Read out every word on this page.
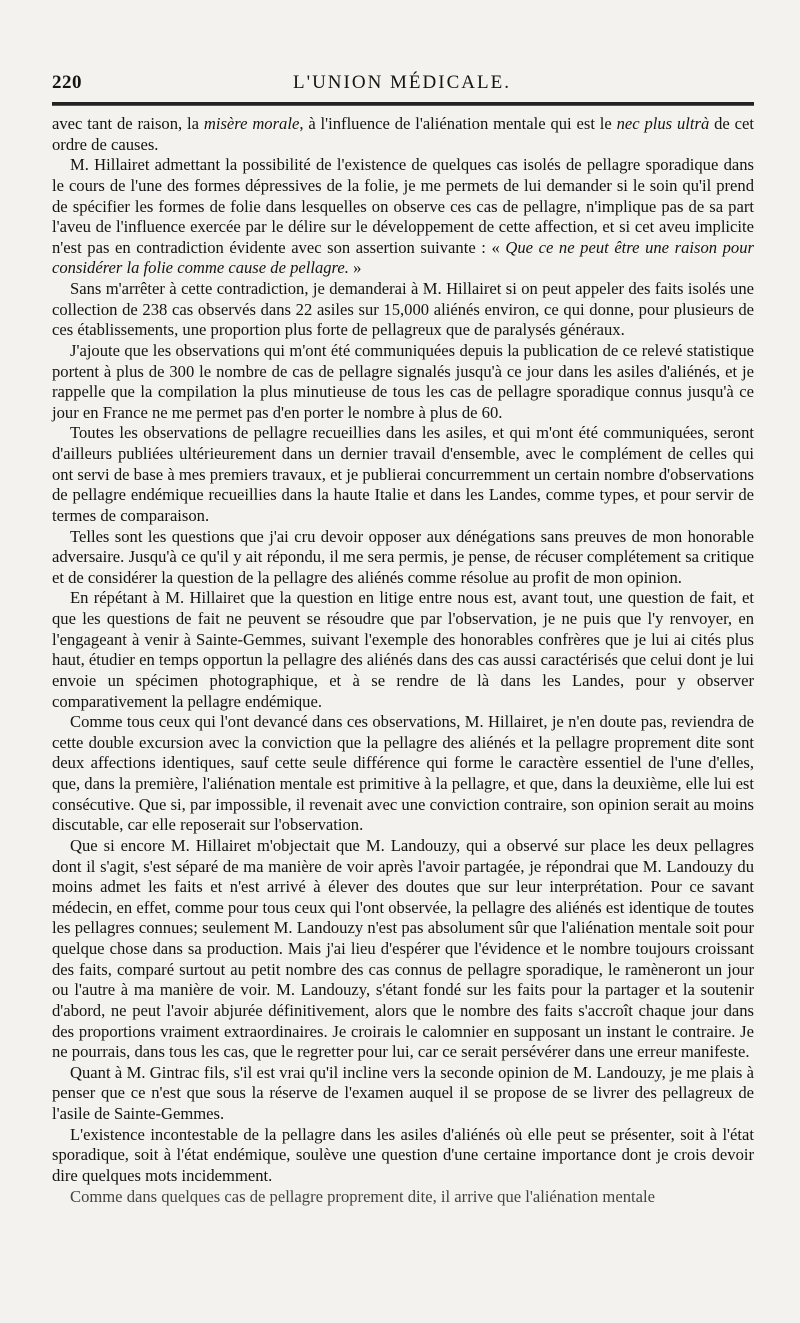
220	L'UNION MÉDICALE.

avec tant de raison, la misère morale, à l'influence de l'aliénation mentale qui est le nec plus ultrà de cet ordre de causes.

M. Hillairet admettant la possibilité de l'existence de quelques cas isolés de pellagre sporadique dans le cours de l'une des formes dépressives de la folie, je me permets de lui demander si le soin qu'il prend de spécifier les formes de folie dans lesquelles on observe ces cas de pellagre, n'implique pas de sa part l'aveu de l'influence exercée par le délire sur le développement de cette affection, et si cet aveu implicite n'est pas en contradiction évidente avec son assertion suivante : « Que ce ne peut être une raison pour considérer la folie comme cause de pellagre. »

Sans m'arrêter à cette contradiction, je demanderai à M. Hillairet si on peut appeler des faits isolés une collection de 238 cas observés dans 22 asiles sur 15,000 aliénés environ, ce qui donne, pour plusieurs de ces établissements, une proportion plus forte de pellagreux que de paralysés généraux.

J'ajoute que les observations qui m'ont été communiquées depuis la publication de ce relevé statistique portent à plus de 300 le nombre de cas de pellagre signalés jusqu'à ce jour dans les asiles d'aliénés, et je rappelle que la compilation la plus minutieuse de tous les cas de pellagre sporadique connus jusqu'à ce jour en France ne me permet pas d'en porter le nombre à plus de 60.

Toutes les observations de pellagre recueillies dans les asiles, et qui m'ont été communiquées, seront d'ailleurs publiées ultérieurement dans un dernier travail d'ensemble, avec le complément de celles qui ont servi de base à mes premiers travaux, et je publierai concurremment un certain nombre d'observations de pellagre endémique recueillies dans la haute Italie et dans les Landes, comme types, et pour servir de termes de comparaison.

Telles sont les questions que j'ai cru devoir opposer aux dénégations sans preuves de mon honorable adversaire. Jusqu'à ce qu'il y ait répondu, il me sera permis, je pense, de récuser complétement sa critique et de considérer la question de la pellagre des aliénés comme résolue au profit de mon opinion.

En répétant à M. Hillairet que la question en litige entre nous est, avant tout, une question de fait, et que les questions de fait ne peuvent se résoudre que par l'observation, je ne puis que l'y renvoyer, en l'engageant à venir à Sainte-Gemmes, suivant l'exemple des honorables confrères que je lui ai cités plus haut, étudier en temps opportun la pellagre des aliénés dans des cas aussi caractérisés que celui dont je lui envoie un spécimen photographique, et à se rendre de là dans les Landes, pour y observer comparativement la pellagre endémique.

Comme tous ceux qui l'ont devancé dans ces observations, M. Hillairet, je n'en doute pas, reviendra de cette double excursion avec la conviction que la pellagre des aliénés et la pellagre proprement dite sont deux affections identiques, sauf cette seule différence qui forme le caractère essentiel de l'une d'elles, que, dans la première, l'aliénation mentale est primitive à la pellagre, et que, dans la deuxième, elle lui est consécutive. Que si, par impossible, il revenait avec une conviction contraire, son opinion serait au moins discutable, car elle reposerait sur l'observation.

Que si encore M. Hillairet m'objectait que M. Landouzy, qui a observé sur place les deux pellagres dont il s'agit, s'est séparé de ma manière de voir après l'avoir partagée, je répondrai que M. Landouzy du moins admet les faits et n'est arrivé à élever des doutes que sur leur interprétation. Pour ce savant médecin, en effet, comme pour tous ceux qui l'ont observée, la pellagre des aliénés est identique de toutes les pellagres connues; seulement M. Landouzy n'est pas absolument sûr que l'aliénation mentale soit pour quelque chose dans sa production. Mais j'ai lieu d'espérer que l'évidence et le nombre toujours croissant des faits, comparé surtout au petit nombre des cas connus de pellagre sporadique, le ramèneront un jour ou l'autre à ma manière de voir. M. Landouzy, s'étant fondé sur les faits pour la partager et la soutenir d'abord, ne peut l'avoir abjurée définitivement, alors que le nombre des faits s'accroît chaque jour dans des proportions vraiment extraordinaires. Je croirais le calomnier en supposant un instant le contraire. Je ne pourrais, dans tous les cas, que le regretter pour lui, car ce serait persévérer dans une erreur manifeste.

Quant à M. Gintrac fils, s'il est vrai qu'il incline vers la seconde opinion de M. Landouzy, je me plais à penser que ce n'est que sous la réserve de l'examen auquel il se propose de se livrer des pellagreux de l'asile de Sainte-Gemmes.

L'existence incontestable de la pellagre dans les asiles d'aliénés où elle peut se présenter, soit à l'état sporadique, soit à l'état endémique, soulève une question d'une certaine importance dont je crois devoir dire quelques mots incidemment.

Comme dans quelques cas de pellagre proprement dite, il arrive que l'aliénation mentale
